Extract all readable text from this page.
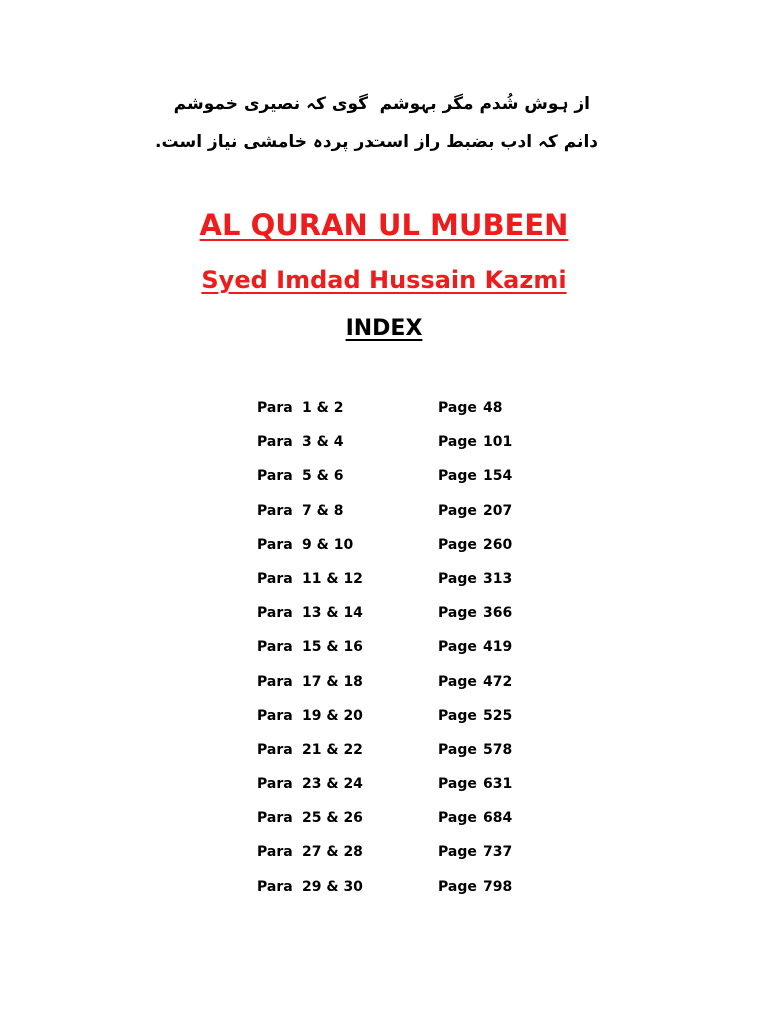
از ہوش شُدم مگر بہوشم
گوی کہ نصیری خموشم
دانم کہ ادب بضبط راز است
در پردہ خامشی نیاز است.
AL QURAN UL MUBEEN
Syed Imdad Hussain Kazmi
INDEX
Para 1 & 2	Page 48
Para 3 & 4	Page 101
Para 5 & 6	Page 154
Para 7 & 8	Page 207
Para 9 & 10	Page 260
Para 11 & 12	Page 313
Para 13 & 14	Page 366
Para 15 & 16	Page 419
Para 17 & 18	Page 472
Para 19 & 20	Page 525
Para 21 & 22	Page 578
Para 23 & 24	Page 631
Para 25 & 26	Page 684
Para 27 & 28	Page 737
Para 29 & 30	Page 798
